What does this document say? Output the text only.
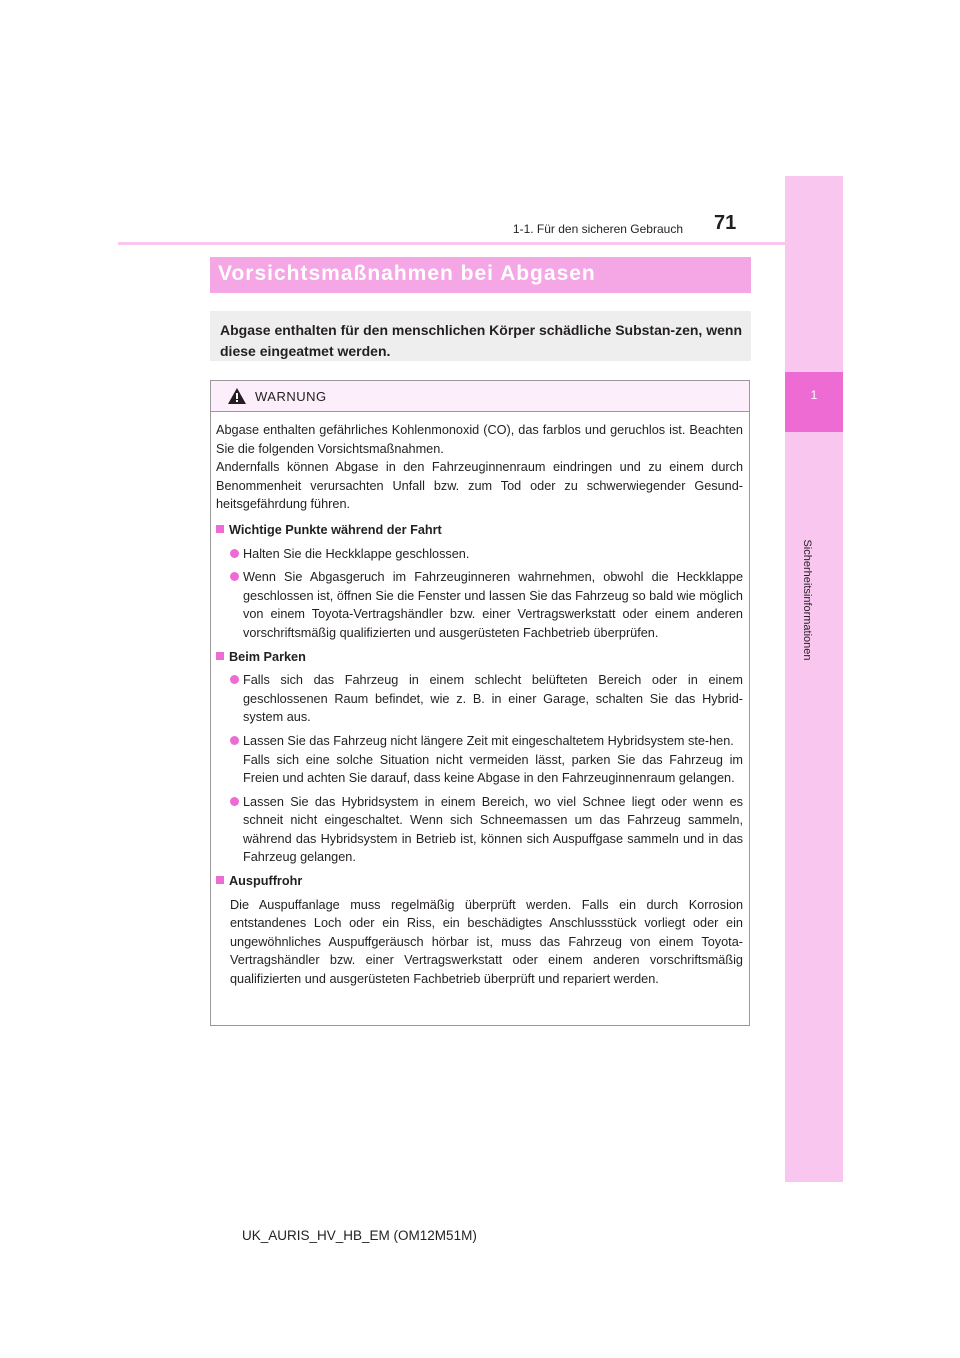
1
Sicherheitsinformationen
1-1. Für den sicheren Gebrauch 71
Vorsichtsmaßnahmen bei Abgasen

Abgase enthalten für den menschlichen Körper schädliche Substan-zen, wenn diese eingeatmet werden.

WARNUNG

Abgase enthalten gefährliches Kohlenmonoxid (CO), das farblos und geruchlos ist. Beachten Sie die folgenden Vorsichtsmaßnahmen.
Andernfalls können Abgase in den Fahrzeuginnenraum eindringen und zu einem durch Benommenheit verursachten Unfall bzw. zum Tod oder zu schwerwiegender Gesund-heitsgefährdung führen.

Wichtige Punkte während der Fahrt

Halten Sie die Heckklappe geschlossen.

Wenn Sie Abgasgeruch im Fahrzeuginneren wahrnehmen, obwohl die Heckklappe geschlossen ist, öffnen Sie die Fenster und lassen Sie das Fahrzeug so bald wie möglich von einem Toyota-Vertragshändler bzw. einer Vertragswerkstatt oder einem anderen vorschriftsmäßig qualifizierten und ausgerüsteten Fachbetrieb überprüfen.

Beim Parken

Falls sich das Fahrzeug in einem schlecht belüfteten Bereich oder in einem geschlossenen Raum befindet, wie z. B. in einer Garage, schalten Sie das Hybrid-system aus.

Lassen Sie das Fahrzeug nicht längere Zeit mit eingeschaltetem Hybridsystem ste-hen.
Falls sich eine solche Situation nicht vermeiden lässt, parken Sie das Fahrzeug im Freien und achten Sie darauf, dass keine Abgase in den Fahrzeuginnenraum gelangen.

Lassen Sie das Hybridsystem in einem Bereich, wo viel Schnee liegt oder wenn es schneit nicht eingeschaltet. Wenn sich Schneemassen um das Fahrzeug sammeln, während das Hybridsystem in Betrieb ist, können sich Auspuffgase sammeln und in das Fahrzeug gelangen.

Auspuffrohr

Die Auspuffanlage muss regelmäßig überprüft werden. Falls ein durch Korrosion entstandenes Loch oder ein Riss, ein beschädigtes Anschlussstück vorliegt oder ein ungewöhnliches Auspuffgeräusch hörbar ist, muss das Fahrzeug von einem Toyota-Vertragshändler bzw. einer Vertragswerkstatt oder einem anderen vorschriftsmäßig qualifizierten und ausgerüsteten Fachbetrieb überprüft und repariert werden.

UK_AURIS_HV_HB_EM (OM12M51M)
